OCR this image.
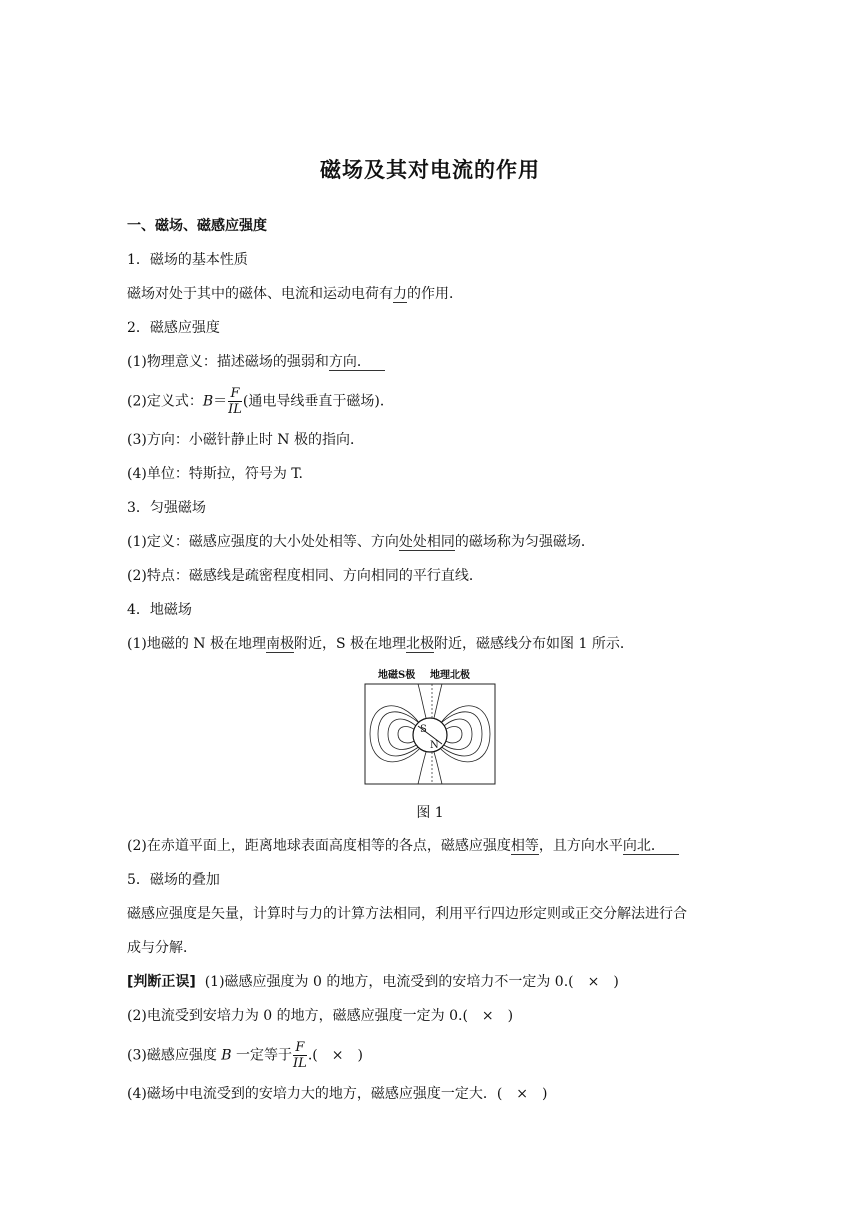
磁场及其对电流的作用
一、磁场、磁感应强度
1．磁场的基本性质
磁场对处于其中的磁体、电流和运动电荷有力的作用．
2．磁感应强度
(1)物理意义：描述磁场的强弱和方向．
(2)定义式：$B= \frac{F}{IL}$ (通电导线垂直于磁场)．
(3)方向：小磁针静止时 N 极的指向．
(4)单位：特斯拉，符号为 T.
3．匀强磁场
(1)定义：磁感应强度的大小处处相等、方向处处相同的磁场称为匀强磁场．
(2)特点：磁感线是疏密程度相同、方向相同的平行直线．
4．地磁场
(1)地磁的 N 极在地理南极附近，S 极在地理北极附近，磁感线分布如图 1 所示．
地磁S极 地理北极
S
N
图 1
(2)在赤道平面上，距离地球表面高度相等的各点，磁感应强度相等，且方向水平向北．
5．磁场的叠加
磁感应强度是矢量，计算时与力的计算方法相同，利用平行四边形定则或正交分解法进行合
成与分解．
[判断正误] (1)磁感应强度为 0 的地方，电流受到的安培力不一定为 0.(　×　)
(2)电流受到安培力为 0 的地方，磁感应强度一定为 0.(　×　)
(3)磁感应强度 B 一定等于 $\frac{F}{IL}$ .(　×　)
(4)磁场中电流受到的安培力大的地方，磁感应强度一定大．(　×　)
